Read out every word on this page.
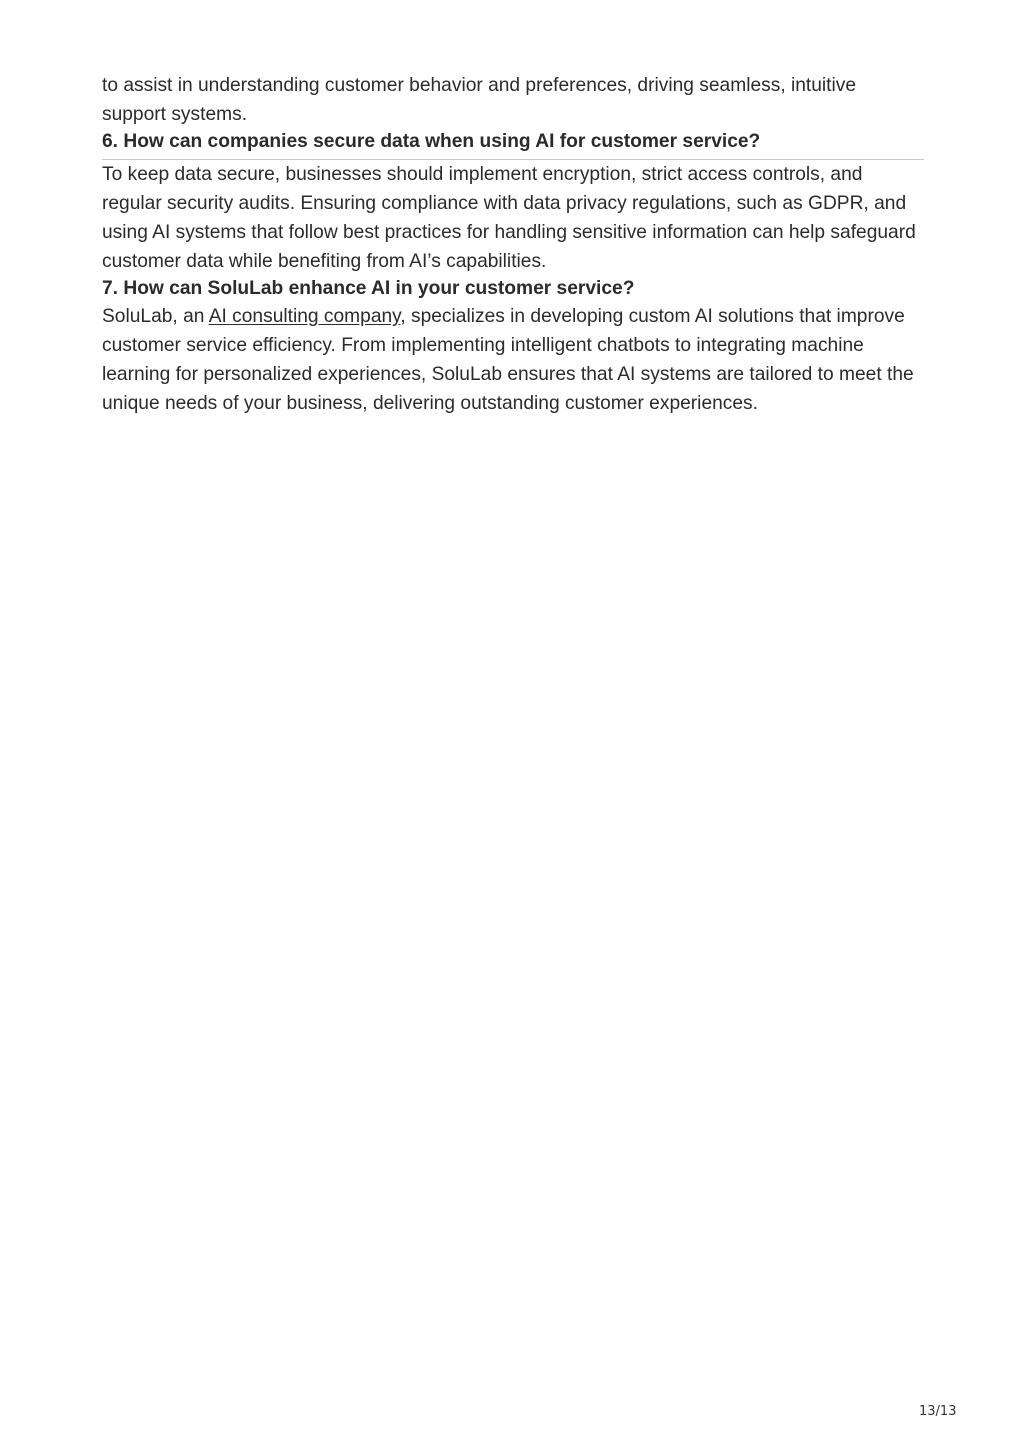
to assist in understanding customer behavior and preferences, driving seamless, intuitive support systems.

6. How can companies secure data when using AI for customer service?

To keep data secure, businesses should implement encryption, strict access controls, and regular security audits. Ensuring compliance with data privacy regulations, such as GDPR, and using AI systems that follow best practices for handling sensitive information can help safeguard customer data while benefiting from AI’s capabilities.

7. How can SoluLab enhance AI in your customer service?

SoluLab, an AI consulting company, specializes in developing custom AI solutions that improve customer service efficiency. From implementing intelligent chatbots to integrating machine learning for personalized experiences, SoluLab ensures that AI systems are tailored to meet the unique needs of your business, delivering outstanding customer experiences.

13/13
